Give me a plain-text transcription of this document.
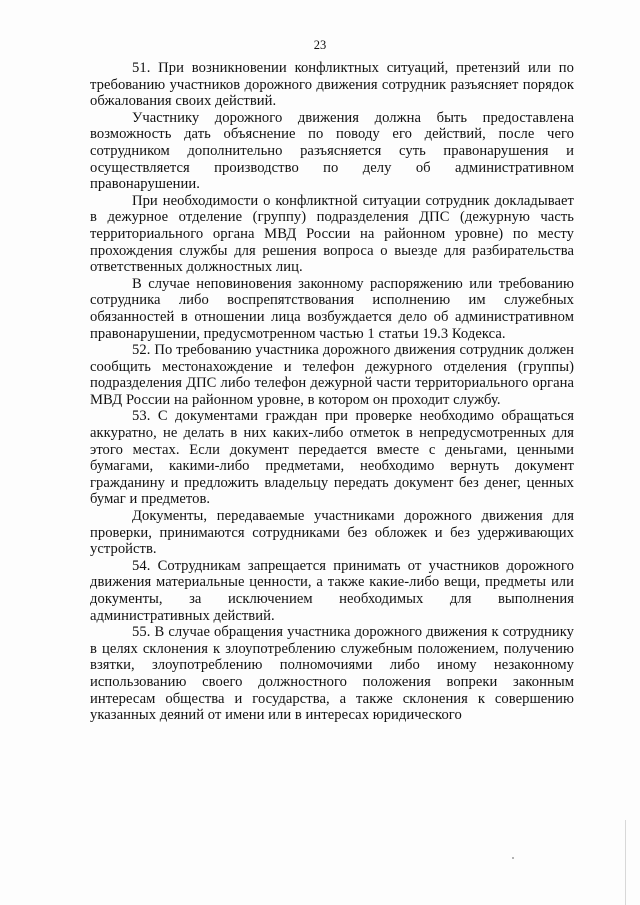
23

51. При возникновении конфликтных ситуаций, претензий или по требованию участников дорожного движения сотрудник разъясняет порядок обжалования своих действий.

Участнику дорожного движения должна быть предоставлена возможность дать объяснение по поводу его действий, после чего сотрудником дополнительно разъясняется суть правонарушения и осуществляется производство по делу об административном правонарушении.

При необходимости о конфликтной ситуации сотрудник докладывает в дежурное отделение (группу) подразделения ДПС (дежурную часть территориального органа МВД России на районном уровне) по месту прохождения службы для решения вопроса о выезде для разбирательства ответственных должностных лиц.

В случае неповиновения законному распоряжению или требованию сотрудника либо воспрепятствования исполнению им служебных обязанностей в отношении лица возбуждается дело об административном правонарушении, предусмотренном частью 1 статьи 19.3 Кодекса.

52. По требованию участника дорожного движения сотрудник должен сообщить местонахождение и телефон дежурного отделения (группы) подразделения ДПС либо телефон дежурной части территориального органа МВД России на районном уровне, в котором он проходит службу.

53. С документами граждан при проверке необходимо обращаться аккуратно, не делать в них каких-либо отметок в непредусмотренных для этого местах. Если документ передается вместе с деньгами, ценными бумагами, какими-либо предметами, необходимо вернуть документ гражданину и предложить владельцу передать документ без денег, ценных бумаг и предметов.

Документы, передаваемые участниками дорожного движения для проверки, принимаются сотрудниками без обложек и без удерживающих устройств.

54. Сотрудникам запрещается принимать от участников дорожного движения материальные ценности, а также какие-либо вещи, предметы или документы, за исключением необходимых для выполнения административных действий.

55. В случае обращения участника дорожного движения к сотруднику в целях склонения к злоупотреблению служебным положением, получению взятки, злоупотреблению полномочиями либо иному незаконному использованию своего должностного положения вопреки законным интересам общества и государства, а также склонения к совершению указанных деяний от имени или в интересах юридического
